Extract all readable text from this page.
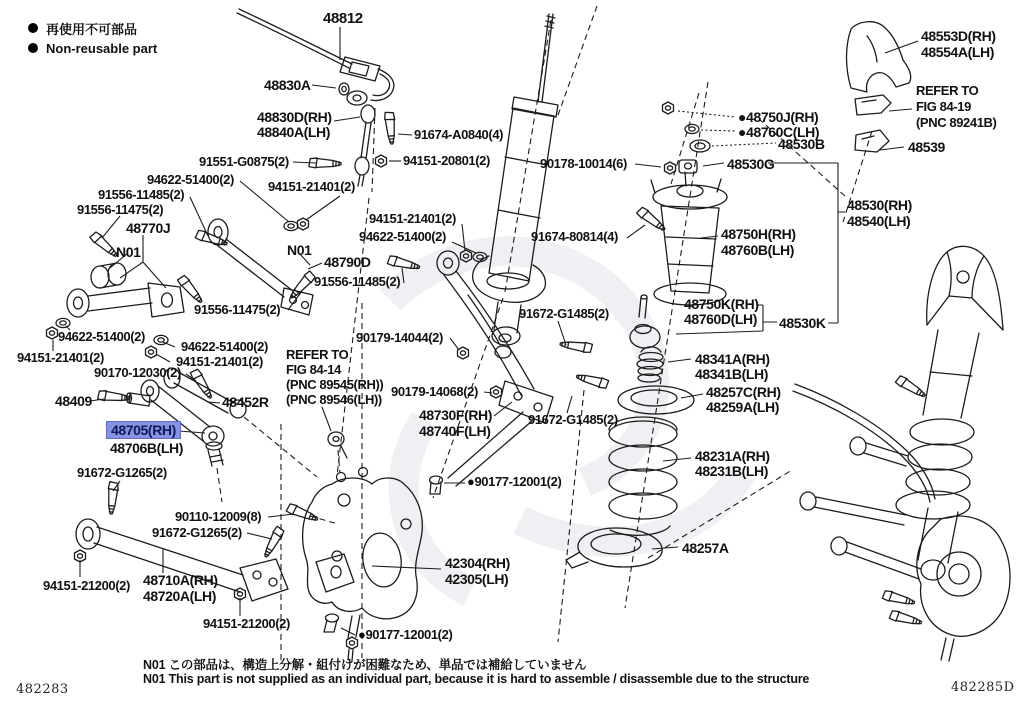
48812
48830A
48830D(RH)
48840A(LH)	91674-A0840(4)
94151-20801(2)
91551-G0875(2)
94622-51400(2)	94151-21401(2)
91556-11485(2)
91556-11475(2)
48770J
N01	N01
48790D
91556-11485(2)
91556-11475(2)
94622-51400(2)
94151-21401(2)
94622-51400(2)
94151-21401(2)
90170-12030(2)
48409	48452R
48705(RH)
48706B(LH)
91672-G1265(2)
90110-12009(8)
91672-G1265(2)
94151-21200(2) 48710A(RH)
48720A(LH)
94151-21200(2)
●90177-12001(2)
42304(RH)
42305(LH)
REFER TO
FIG 84-14
(PNC 89545(RH))
(PNC 89546(LH))
90179-14044(2)
90179-14068(2)
48730F(RH)
48740F(LH)
91672-G1485(2)
91672-G1485(2)
●90177-12001(2)
94151-21401(2)
94622-51400(2)	91674-80814(4)
90178-10014(6)	48530G
●48750J(RH)
●48760C(LH)
48530B
48553D(RH)
48554A(LH)
REFER TO
FIG 84-19
(PNC 89241B)
48539
48530(RH)
48540(LH)
48750H(RH)
48760B(LH)
48750K(RH)
48760D(LH) 48530K
48341A(RH)
48341B(LH)
48257C(RH)
48259A(LH)
48231A(RH)
48231B(LH)
48257A
再使用不可部品
Non-reusable part
N01 この部品は、構造上分解・組付けが困難なため、単品では補給していません
N01 This part is not supplied as an individual part, because it is hard to assemble / disassemble due to the structure
482283	482285D
